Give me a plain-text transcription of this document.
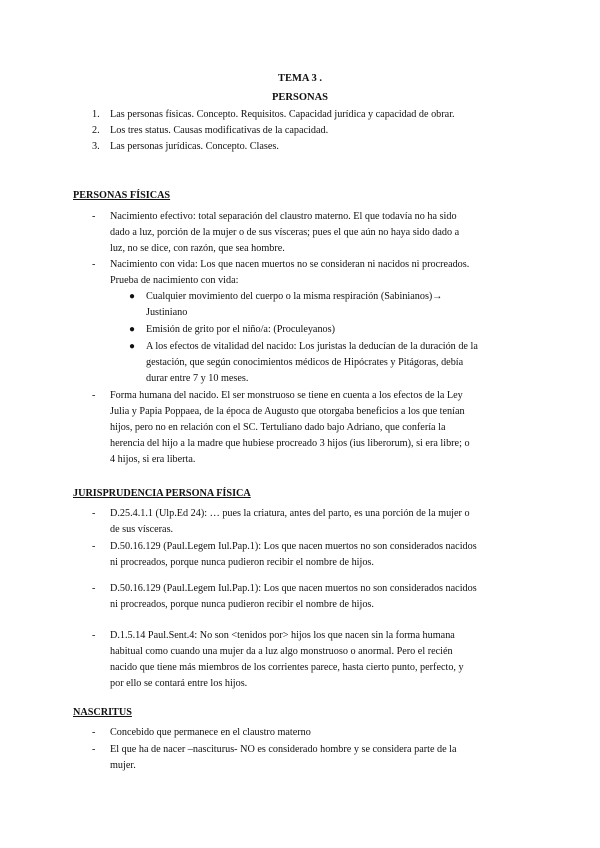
TEMA 3 .
PERSONAS
1. Las personas físicas. Concepto. Requisitos. Capacidad jurídica y capacidad de obrar.
2. Los tres status. Causas modificativas de la capacidad.
3. Las personas jurídicas. Concepto. Clases.
PERSONAS FÍSICAS
- Nacimiento efectivo: total separación del claustro materno. El que todavía no ha sido
dado a luz, porción de la mujer o de sus vísceras; pues el que aún no haya sido dado a
luz, no se dice, con razón, que sea hombre.
- Nacimiento con vida: Los que nacen muertos no se consideran ni nacidos ni procreados.
Prueba de nacimiento con vida:
● Cualquier movimiento del cuerpo o la misma respiración (Sabinianos)→
Justiniano
● Emisión de grito por el niño/a: (Proculeyanos)
● A los efectos de vitalidad del nacido: Los juristas la deducían de la duración de la
gestación, que según conocimientos médicos de Hipócrates y Pitágoras, debía
durar entre 7 y 10 meses.
- Forma humana del nacido. El ser monstruoso se tiene en cuenta a los efectos de la Ley
Julia y Papia Poppaea, de la época de Augusto que otorgaba beneficios a los que tenían
hijos, pero no en relación con el SC. Tertuliano dado bajo Adriano, que confería la
herencia del hijo a la madre que hubiese procreado 3 hijos (ius liberorum), si era libre; o
4 hijos, si era liberta.
JURISPRUDENCIA PERSONA FÍSICA
- D.25.4.1.1 (Ulp.Ed 24): … pues la criatura, antes del parto, es una porción de la mujer o
de sus vísceras.
- D.50.16.129 (Paul.Legem Iul.Pap.1): Los que nacen muertos no son considerados nacidos
ni procreados, porque nunca pudieron recibir el nombre de hijos.
- D.50.16.129 (Paul.Legem Iul.Pap.1): Los que nacen muertos no son considerados nacidos
ni procreados, porque nunca pudieron recibir el nombre de hijos.
- D.1.5.14 Paul.Sent.4: No son <tenidos por> hijos los que nacen sin la forma humana
habitual como cuando una mujer da a luz algo monstruoso o anormal. Pero el recién
nacido que tiene más miembros de los corrientes parece, hasta cierto punto, perfecto, y
por ello se contará entre los hijos.
NASCRITUS
- Concebido que permanece en el claustro materno
- El que ha de nacer –nasciturus- NO es considerado hombre y se considera parte de la
mujer.
